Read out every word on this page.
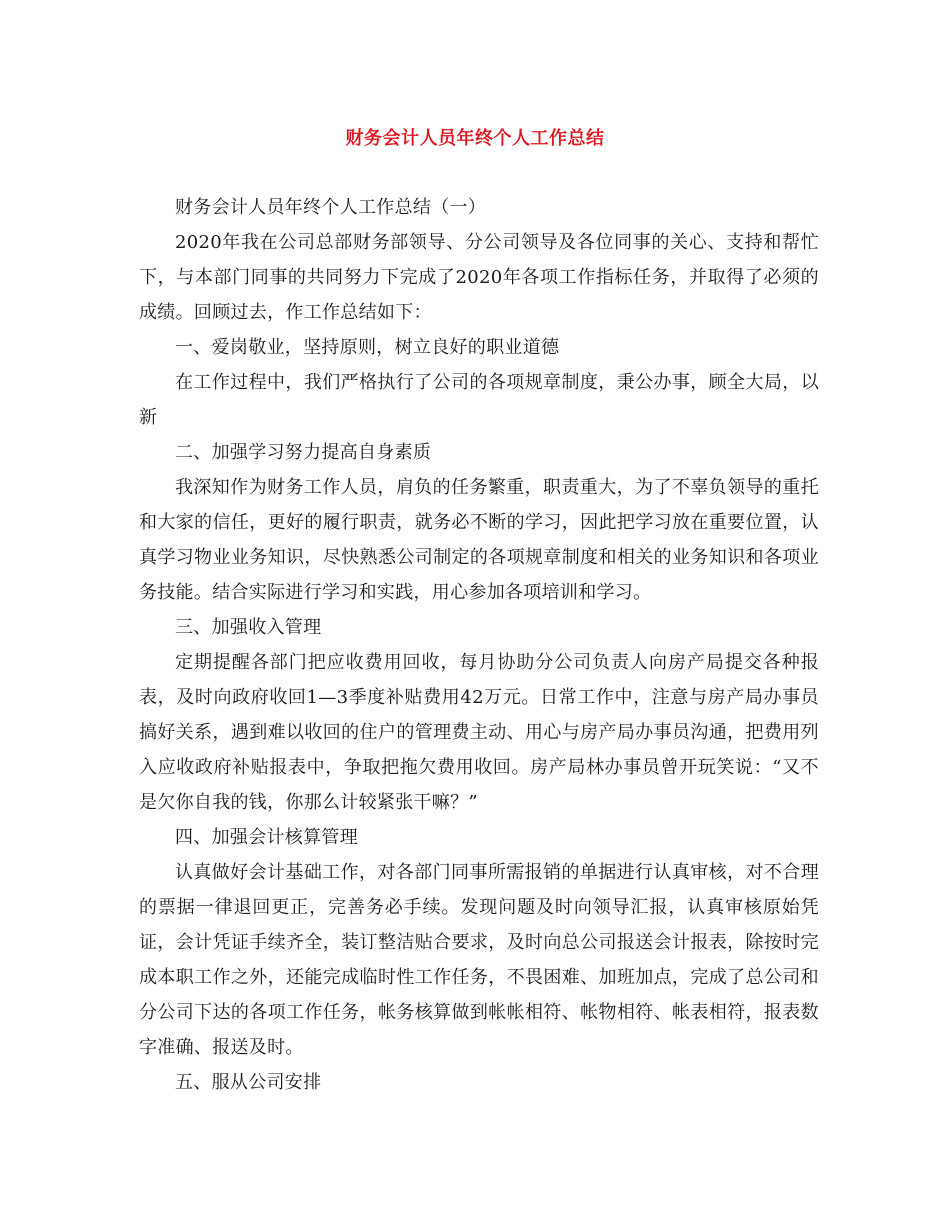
财务会计人员年终个人工作总结

财务会计人员年终个人工作总结（一）

2020年我在公司总部财务部领导、分公司领导及各位同事的关心、支持和帮忙下，与本部门同事的共同努力下完成了2020年各项工作指标任务，并取得了必须的成绩。回顾过去，作工作总结如下：

一、爱岗敬业，坚持原则，树立良好的职业道德

在工作过程中，我们严格执行了公司的各项规章制度，秉公办事，顾全大局，以新

二、加强学习努力提高自身素质

我深知作为财务工作人员，肩负的任务繁重，职责重大，为了不辜负领导的重托和大家的信任，更好的履行职责，就务必不断的学习，因此把学习放在重要位置，认真学习物业业务知识，尽快熟悉公司制定的各项规章制度和相关的业务知识和各项业务技能。结合实际进行学习和实践，用心参加各项培训和学习。

三、加强收入管理

定期提醒各部门把应收费用回收，每月协助分公司负责人向房产局提交各种报表，及时向政府收回1—3季度补贴费用42万元。日常工作中，注意与房产局办事员搞好关系，遇到难以收回的住户的管理费主动、用心与房产局办事员沟通，把费用列入应收政府补贴报表中，争取把拖欠费用收回。房产局林办事员曾开玩笑说：“又不是欠你自我的钱，你那么计较紧张干嘛？”

四、加强会计核算管理

认真做好会计基础工作，对各部门同事所需报销的单据进行认真审核，对不合理的票据一律退回更正，完善务必手续。发现问题及时向领导汇报，认真审核原始凭证，会计凭证手续齐全，装订整洁贴合要求，及时向总公司报送会计报表，除按时完成本职工作之外，还能完成临时性工作任务，不畏困难、加班加点，完成了总公司和分公司下达的各项工作任务，帐务核算做到帐帐相符、帐物相符、帐表相符，报表数字准确、报送及时。

五、服从公司安排
